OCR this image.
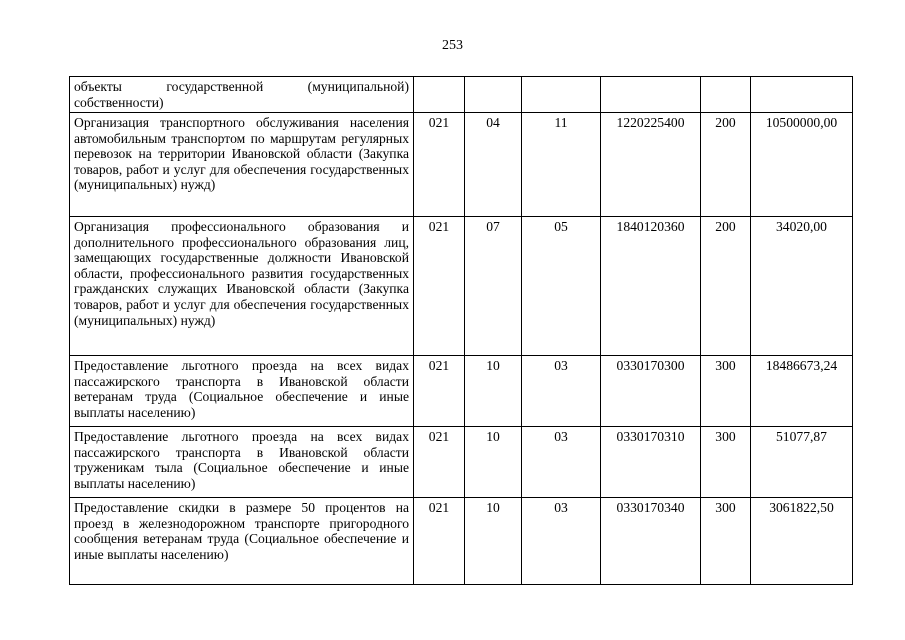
253
объекты государственной (муниципальной) собственности)						
Организация транспортного обслуживания населения автомобильным транспортом по маршрутам регулярных перевозок на территории Ивановской области (Закупка товаров, работ и услуг для обеспечения государственных (муниципальных) нужд)	021	04	11	1220225400	200	10500000,00
Организация профессионального образования и дополнительного профессионального образования лиц, замещающих государственные должности Ивановской области, профессионального развития государственных гражданских служащих Ивановской области (Закупка товаров, работ и услуг для обеспечения государственных (муниципальных) нужд)	021	07	05	1840120360	200	34020,00
Предоставление льготного проезда на всех видах пассажирского транспорта в Ивановской области ветеранам труда (Социальное обеспечение и иные выплаты населению)	021	10	03	0330170300	300	18486673,24
Предоставление льготного проезда на всех видах пассажирского транспорта в Ивановской области труженикам тыла (Социальное обеспечение и иные выплаты населению)	021	10	03	0330170310	300	51077,87
Предоставление скидки в размере 50 процентов на проезд в железнодорожном транспорте пригородного сообщения ветеранам труда (Социальное обеспечение и иные выплаты населению)	021	10	03	0330170340	300	3061822,50
